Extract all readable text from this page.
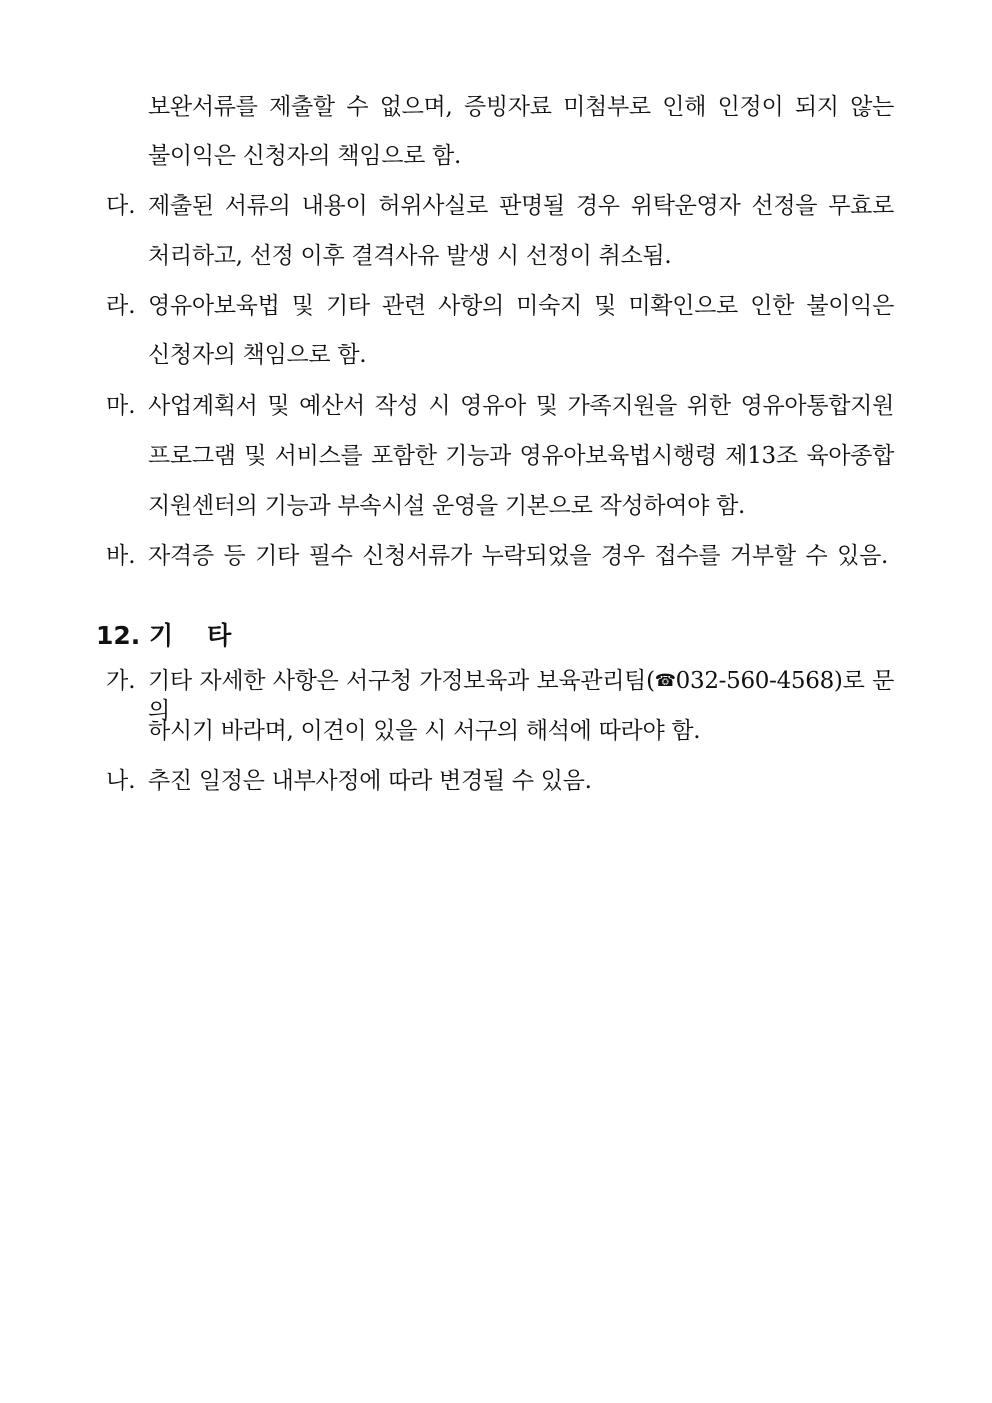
보완서류를 제출할 수 없으며, 증빙자료 미첨부로 인해 인정이 되지 않는
불이익은 신청자의 책임으로 함.
다. 제출된 서류의 내용이 허위사실로 판명될 경우 위탁운영자 선정을 무효로
처리하고, 선정 이후 결격사유 발생 시 선정이 취소됨.
라. 영유아보육법 및 기타 관련 사항의 미숙지 및 미확인으로 인한 불이익은
신청자의 책임으로 함.
마. 사업계획서 및 예산서 작성 시 영유아 및 가족지원을 위한 영유아통합지원
프로그램 및 서비스를 포함한 기능과 영유아보육법시행령 제13조 육아종합
지원센터의 기능과 부속시설 운영을 기본으로 작성하여야 함.
바. 자격증 등 기타 필수 신청서류가 누락되었을 경우 접수를 거부할 수 있음.
12. 기 타
가. 기타 자세한 사항은 서구청 가정보육과 보육관리팀(☎032-560-4568)로 문의
하시기 바라며, 이견이 있을 시 서구의 해석에 따라야 함.
나. 추진 일정은 내부사정에 따라 변경될 수 있음.
